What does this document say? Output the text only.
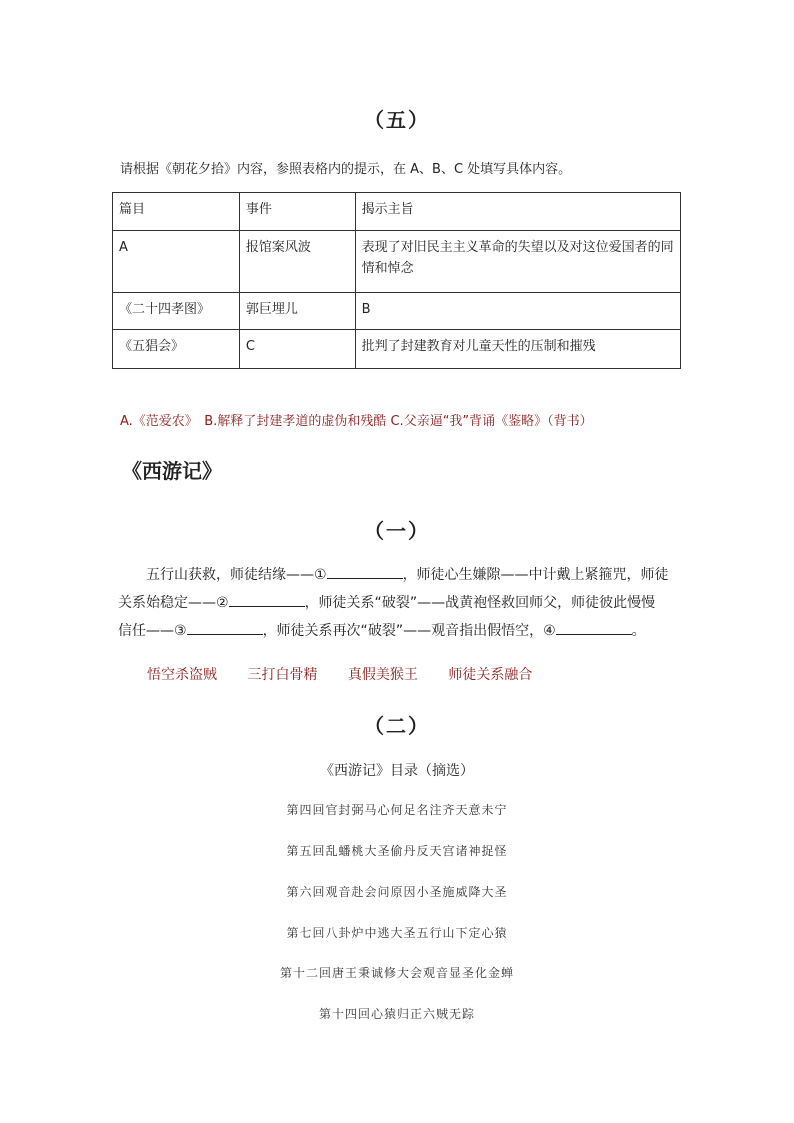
（五）
请根据《朝花夕拾》内容，参照表格内的提示，在 A、B、C 处填写具体内容。
篇目	事件	揭示主旨
A	报馆案风波	表现了对旧民主主义革命的失望以及对这位爱国者的同情和悼念
《二十四孝图》	郭巨埋儿	B
《五猖会》	C	批判了封建教育对儿童天性的压制和摧残
A.《范爱农》　B.解释了封建孝道的虚伪和残酷 C.父亲逼“我”背诵《鉴略》（背书）
《西游记》
（一）
五行山获救，师徒结缘——①	，师徒心生嫌隙——中计戴上紧箍咒，师徒
关系始稳定——②	，师徒关系“破裂”——战黄袍怪救回师父，师徒彼此慢慢
信任——③	，师徒关系再次“破裂”——观音指出假悟空，④	。
悟空杀盗贼 三打白骨精 真假美猴王 师徒关系融合
（二）
《西游记》目录（摘选）
第四回官封弼马心何足名注齐天意未宁
第五回乱蟠桃大圣偷丹反天宫诸神捉怪
第六回观音赴会问原因小圣施威降大圣
第七回八卦炉中逃大圣五行山下定心猿
第十二回唐王秉诚修大会观音显圣化金蝉
第十四回心猿归正六贼无踪
